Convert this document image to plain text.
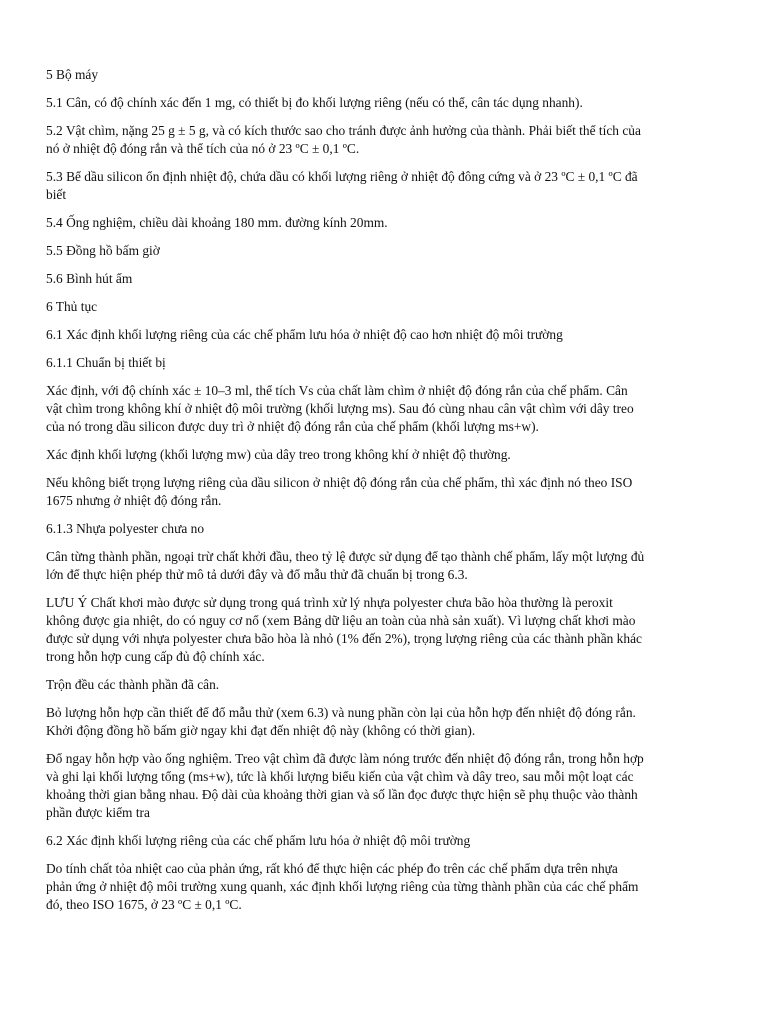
5 Bộ máy

5.1 Cân, có độ chính xác đến 1 mg, có thiết bị đo khối lượng riêng (nếu có thể, cân tác dụng nhanh).

5.2 Vật chìm, nặng 25 g ± 5 g, và có kích thước sao cho tránh được ảnh hưởng của thành. Phải biết thể tích của nó ở nhiệt độ đóng rắn và thể tích của nó ở 23 ºC ± 0,1 ºC.

5.3 Bể dầu silicon ổn định nhiệt độ, chứa dầu có khối lượng riêng ở nhiệt độ đông cứng và ở 23 ºC ± 0,1 ºC đã biết

5.4 Ống nghiệm, chiều dài khoảng 180 mm. đường kính 20mm.

5.5 Đồng hồ bấm giờ

5.6 Bình hút ẩm

6 Thủ tục

6.1 Xác định khối lượng riêng của các chế phẩm lưu hóa ở nhiệt độ cao hơn nhiệt độ môi trường

6.1.1 Chuẩn bị thiết bị

Xác định, với độ chính xác ± 10–3 ml, thể tích Vs của chất làm chìm ở nhiệt độ đóng rắn của chế phẩm. Cân vật chìm trong không khí ở nhiệt độ môi trường (khối lượng ms). Sau đó cùng nhau cân vật chìm với dây treo của nó trong dầu silicon được duy trì ở nhiệt độ đóng rắn của chế phẩm (khối lượng ms+w).

Xác định khối lượng (khối lượng mw) của dây treo trong không khí ở nhiệt độ thường.

Nếu không biết trọng lượng riêng của dầu silicon ở nhiệt độ đóng rắn của chế phẩm, thì xác định nó theo ISO 1675 nhưng ở nhiệt độ đóng rắn.

6.1.3 Nhựa polyester chưa no

Cân từng thành phần, ngoại trừ chất khởi đầu, theo tỷ lệ được sử dụng để tạo thành chế phẩm, lấy một lượng đủ lớn để thực hiện phép thử mô tả dưới đây và đổ mẫu thử đã chuẩn bị trong 6.3.

LƯU Ý Chất khơi mào được sử dụng trong quá trình xử lý nhựa polyester chưa bão hòa thường là peroxit không được gia nhiệt, do có nguy cơ nổ (xem Bảng dữ liệu an toàn của nhà sản xuất). Vì lượng chất khơi mào được sử dụng với nhựa polyester chưa bão hòa là nhỏ (1% đến 2%), trọng lượng riêng của các thành phần khác trong hỗn hợp cung cấp đủ độ chính xác.

Trộn đều các thành phần đã cân.

Bỏ lượng hỗn hợp cần thiết để đổ mẫu thử (xem 6.3) và nung phần còn lại của hỗn hợp đến nhiệt độ đóng rắn. Khởi động đồng hồ bấm giờ ngay khi đạt đến nhiệt độ này (không có thời gian).

Đổ ngay hỗn hợp vào ống nghiệm. Treo vật chìm đã được làm nóng trước đến nhiệt độ đóng rắn, trong hỗn hợp và ghi lại khối lượng tổng (ms+w), tức là khối lượng biểu kiến của vật chìm và dây treo, sau mỗi một loạt các khoảng thời gian bằng nhau. Độ dài của khoảng thời gian và số lần đọc được thực hiện sẽ phụ thuộc vào thành phần được kiểm tra

6.2 Xác định khối lượng riêng của các chế phẩm lưu hóa ở nhiệt độ môi trường

Do tính chất tỏa nhiệt cao của phản ứng, rất khó để thực hiện các phép đo trên các chế phẩm dựa trên nhựa phản ứng ở nhiệt độ môi trường xung quanh, xác định khối lượng riêng của từng thành phần của các chế phẩm đó, theo ISO 1675, ở 23 ºC ± 0,1 ºC.
